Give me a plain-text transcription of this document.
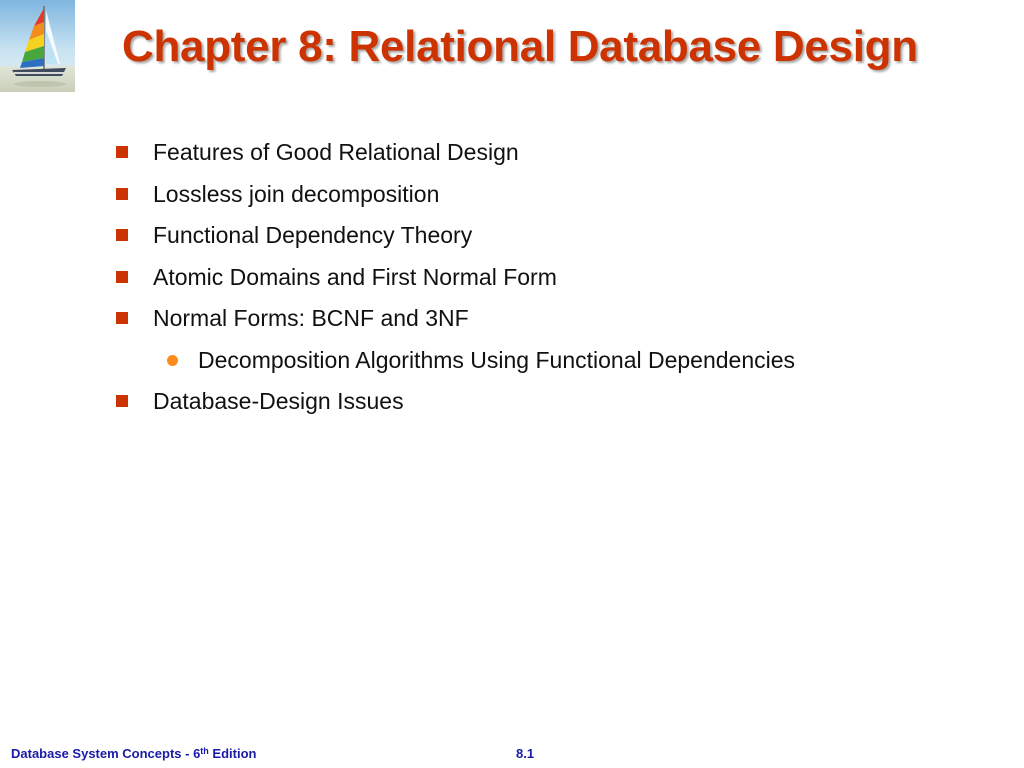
Chapter 8: Relational Database Design
Features of Good Relational Design
Lossless join decomposition
Functional Dependency Theory
Atomic Domains and First Normal Form
Normal Forms: BCNF and 3NF
Decomposition Algorithms Using Functional Dependencies
Database-Design Issues
Database System Concepts - 6th Edition	8.1
